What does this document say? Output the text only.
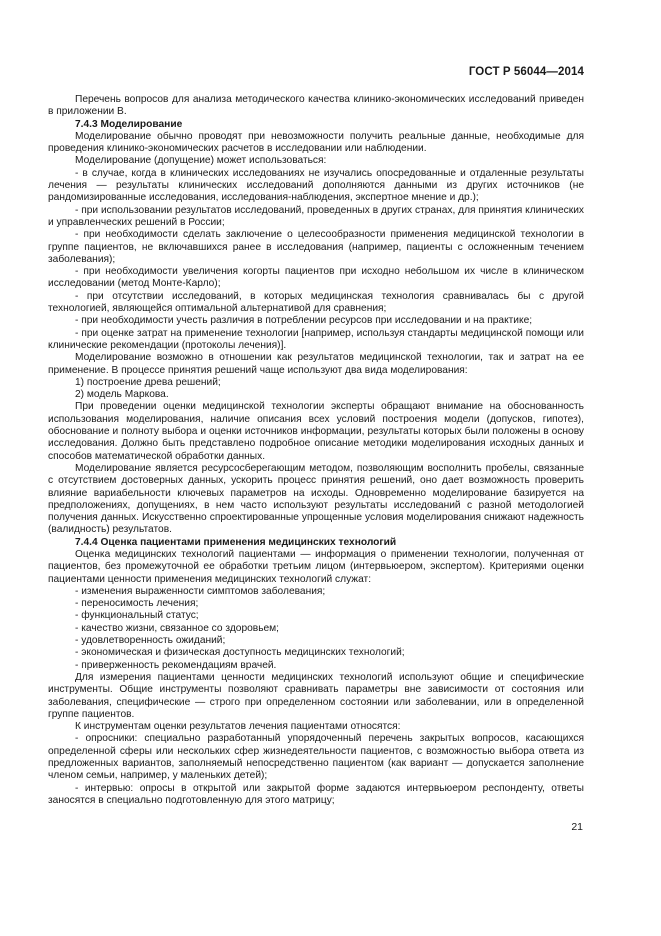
ГОСТ Р 56044—2014

Перечень вопросов для анализа методического качества клинико-экономических исследований приведен в приложении В.

7.4.3 Моделирование

Моделирование обычно проводят при невозможности получить реальные данные, необходимые для проведения клинико-экономических расчетов в исследовании или наблюдении.

Моделирование (допущение) может использоваться:

- в случае, когда в клинических исследованиях не изучались опосредованные и отдаленные результаты лечения — результаты клинических исследований дополняются данными из других источников (не рандомизированные исследования, исследования-наблюдения, экспертное мнение и др.);

- при использовании результатов исследований, проведенных в других странах, для принятия клинических и управленческих решений в России;

- при необходимости сделать заключение о целесообразности применения медицинской технологии в группе пациентов, не включавшихся ранее в исследования (например, пациенты с осложненным течением заболевания);

- при необходимости увеличения когорты пациентов при исходно небольшом их числе в клиническом исследовании (метод Монте-Карло);

- при отсутствии исследований, в которых медицинская технология сравнивалась бы с другой технологией, являющейся оптимальной альтернативой для сравнения;

- при необходимости учесть различия в потреблении ресурсов при исследовании и на практике;

- при оценке затрат на применение технологии [например, используя стандарты медицинской помощи или клинические рекомендации (протоколы лечения)].

Моделирование возможно в отношении как результатов медицинской технологии, так и затрат на ее применение. В процессе принятия решений чаще используют два вида моделирования:

1) построение древа решений;

2) модель Маркова.

При проведении оценки медицинской технологии эксперты обращают внимание на обоснованность использования моделирования, наличие описания всех условий построения модели (допусков, гипотез), обоснование и полноту выбора и оценки источников информации, результаты которых были положены в основу исследования. Должно быть представлено подробное описание методики моделирования исходных данных и способов математической обработки данных.

Моделирование является ресурсосберегающим методом, позволяющим восполнить пробелы, связанные с отсутствием достоверных данных, ускорить процесс принятия решений, оно дает возможность проверить влияние вариабельности ключевых параметров на исходы. Одновременно моделирование базируется на предположениях, допущениях, в нем часто используют результаты исследований с разной методологией получения данных. Искусственно спроектированные упрощенные условия моделирования снижают надежность (валидность) результатов.

7.4.4 Оценка пациентами применения медицинских технологий

Оценка медицинских технологий пациентами — информация о применении технологии, полученная от пациентов, без промежуточной ее обработки третьим лицом (интервьюером, экспертом). Критериями оценки пациентами ценности применения медицинских технологий служат:

- изменения выраженности симптомов заболевания;

- переносимость лечения;

- функциональный статус;

- качество жизни, связанное со здоровьем;

- удовлетворенность ожиданий;

- экономическая и физическая доступность медицинских технологий;

- приверженность рекомендациям врачей.

Для измерения пациентами ценности медицинских технологий используют общие и специфические инструменты. Общие инструменты позволяют сравнивать параметры вне зависимости от состояния или заболевания, специфические — строго при определенном состоянии или заболевании, или в определенной группе пациентов.

К инструментам оценки результатов лечения пациентами относятся:

- опросники: специально разработанный упорядоченный перечень закрытых вопросов, касающихся определенной сферы или нескольких сфер жизнедеятельности пациентов, с возможностью выбора ответа из предложенных вариантов, заполняемый непосредственно пациентом (как вариант — допускается заполнение членом семьи, например, у маленьких детей);

- интервью: опросы в открытой или закрытой форме задаются интервьюером респонденту, ответы заносятся в специально подготовленную для этого матрицу;

21
